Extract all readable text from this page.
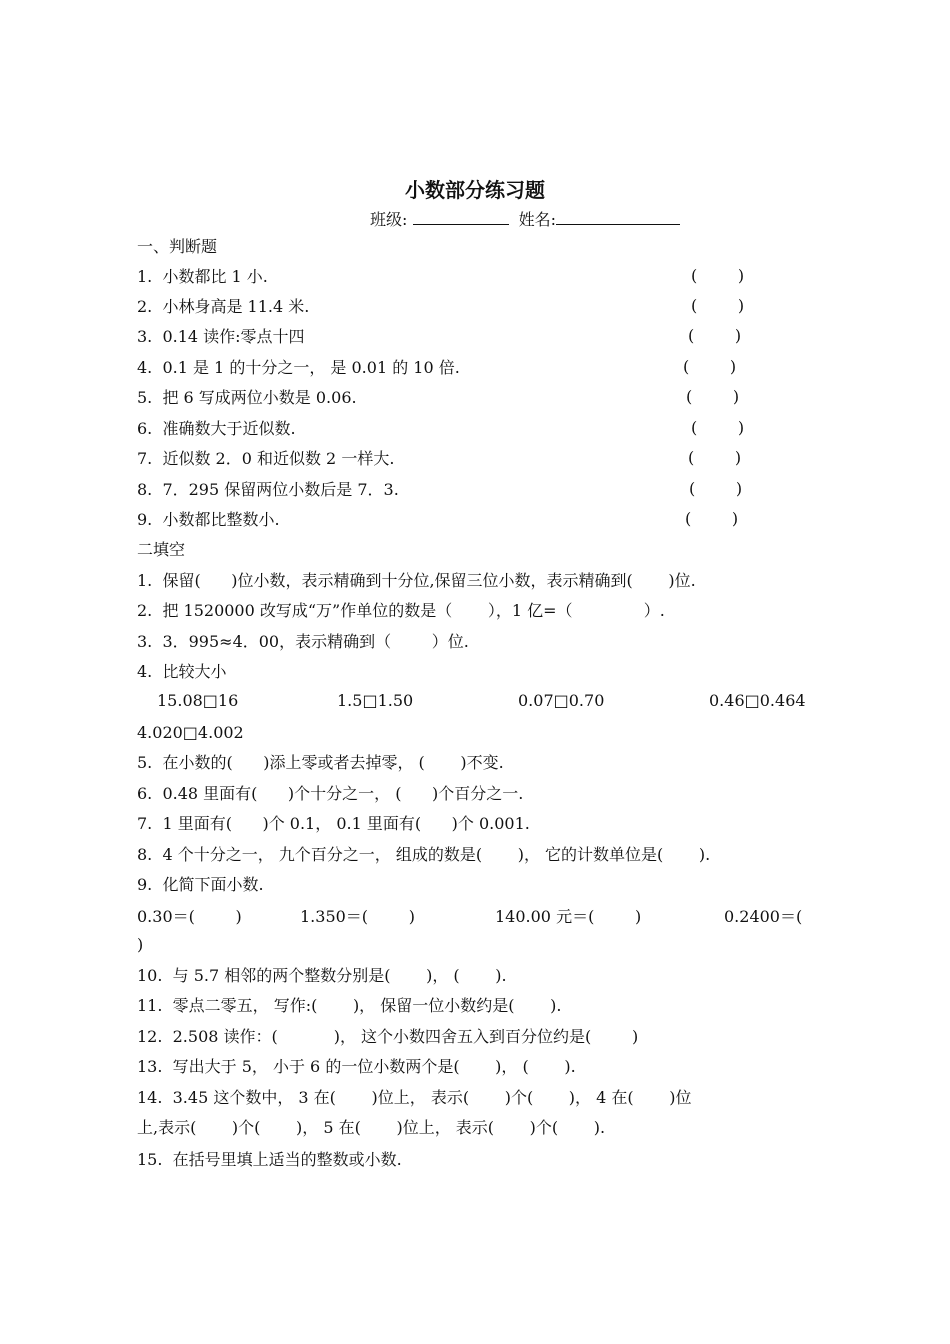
小数部分练习题
班级:	姓名:
一、判断题
1.  小数都比 1 小.	(        )
2.  小林身高是 11.4 米.	(        )
3.  0.14 读作:零点十四	(        )
4.  0.1 是 1 的十分之一， 是 0.01 的 10 倍.	(        )
5.  把 6 写成两位小数是 0.06.	(        )
6.  准确数大于近似数.	(        )
7.  近似数 2．0 和近似数 2 一样大.	(        )
8.  7．295 保留两位小数后是 7．3.	(        )
9.  小数都比整数小.	(        )
二填空
1.  保留(      )位小数，表示精确到十分位,保留三位小数，表示精确到(       )位.
2.  把 1520000 改写成“万”作单位的数是（       ），1 亿=（              ）.
3.  3．995≈4．00，表示精确到（        ）位.
4.  比较大小
15.08□16	1.5□1.50	0.07□0.70	0.46□0.464
4.020□4.002
5.  在小数的(      )添上零或者去掉零， (       )不变.
6.  0.48 里面有(      )个十分之一， (      )个百分之一.
7.  1 里面有(      )个 0.1， 0.1 里面有(      )个 0.001.
8.  4 个十分之一， 九个百分之一， 组成的数是(       )， 它的计数单位是(       ).
9.  化简下面小数.
0.30＝(        )	1.350＝(        )	140.00 元＝(        )	0.2400＝(
)
10.  与 5.7 相邻的两个整数分别是(       )， (       ).
11.  零点二零五， 写作:(       )， 保留一位小数约是(       ).
12.  2.508 读作：(           )， 这个小数四舍五入到百分位约是(        )
13.  写出大于 5， 小于 6 的一位小数两个是(       )， (       ).
14.  3.45 这个数中， 3 在(       )位上， 表示(       )个(       )， 4 在(       )位
上,表示(       )个(       )， 5 在(       )位上， 表示(       )个(       ).
15.  在括号里填上适当的整数或小数.
